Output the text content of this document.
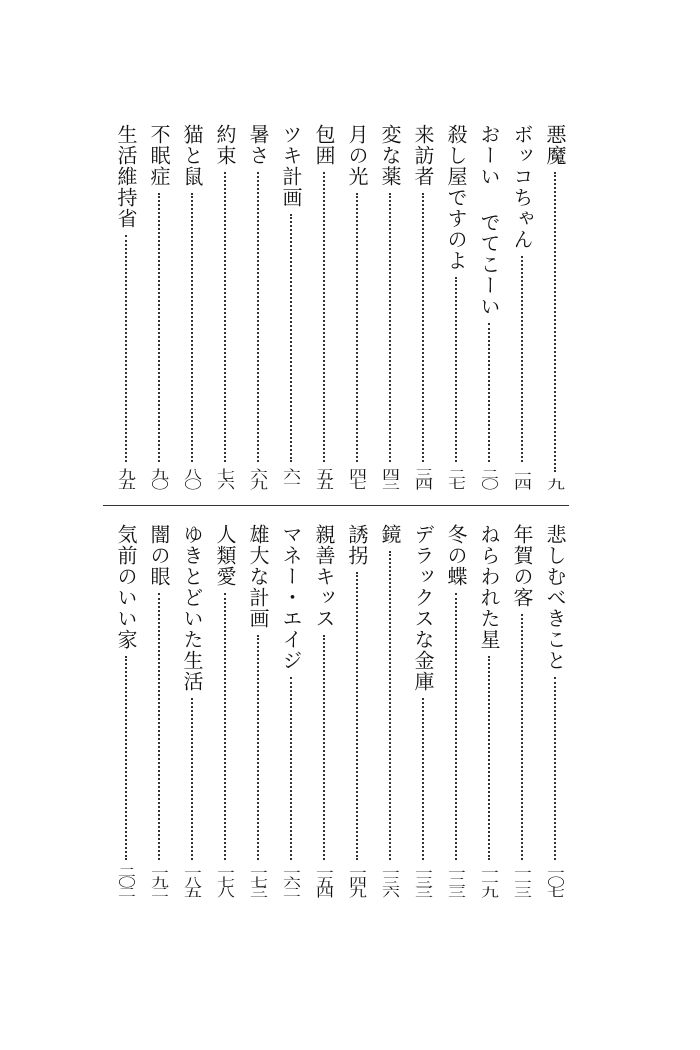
悪魔
九
ボッコちゃん
一四
おーい でてこーい
二〇
殺し屋ですのよ
二七
来訪者
三四
変な薬
四三
月の光
四七
包囲
五五
ツキ計画
六一
暑さ
六九
約束
七六
猫と鼠
八〇
不眠症
九〇
生活維持省
九五
悲しむべきこと
一〇七
年賀の客
一一三
ねらわれた星
一一九
冬の蝶
一二三
デラックスな金庫
一三三
鏡
一三六
誘拐
一四九
親善キッス
一五四
マネー・エイジ
一六二
雄大な計画
一七三
人類愛
一七八
ゆきとどいた生活
一八五
闇の眼
一九二
気前のいい家
二〇二
